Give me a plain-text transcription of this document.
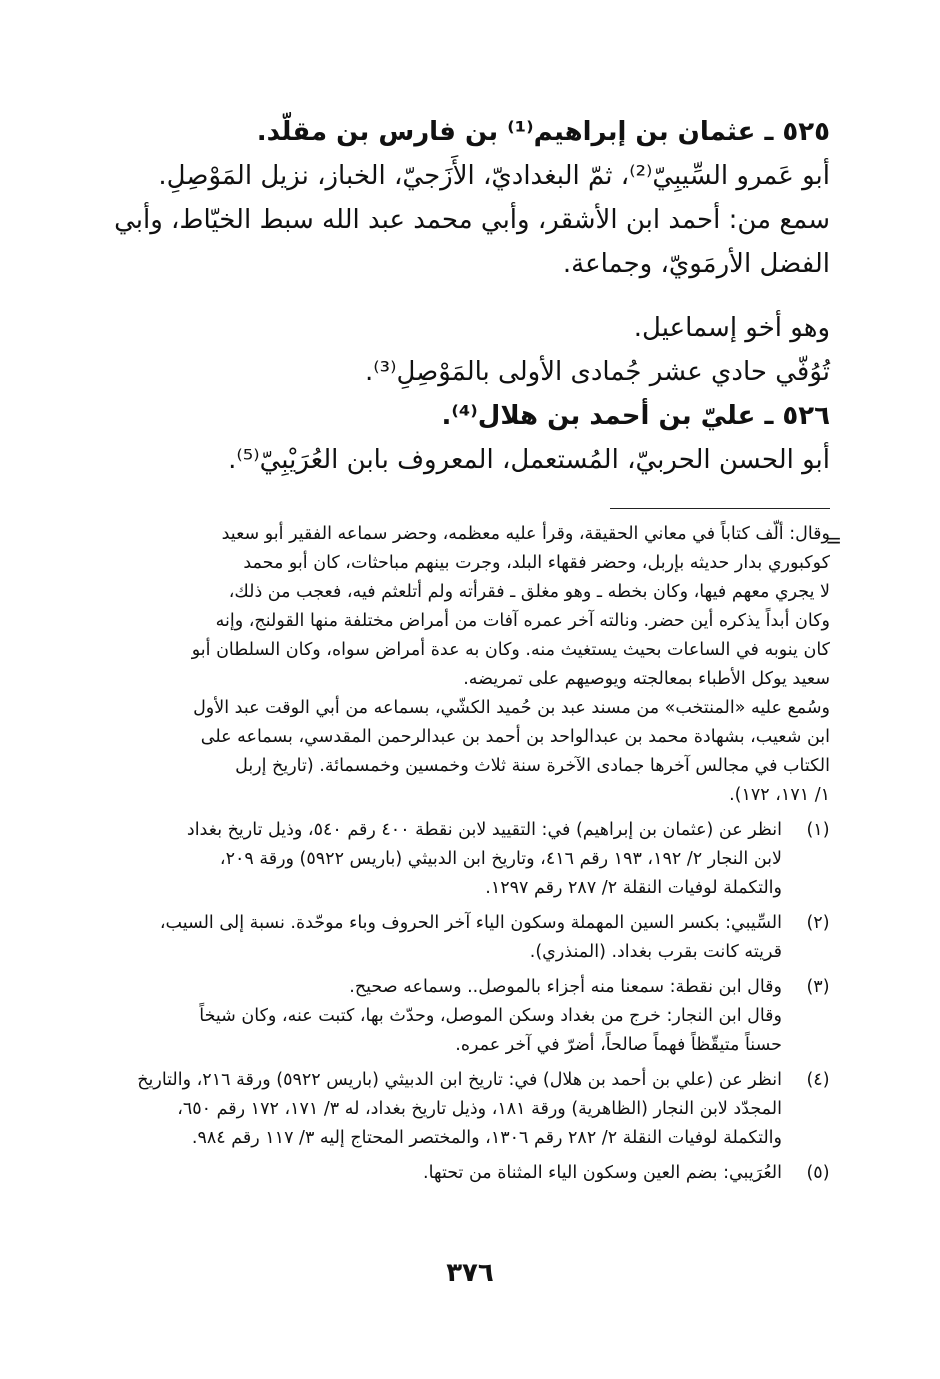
٥٢٥ ـ عثمان بن إبراهيم⁽¹⁾ بن فارس بن مقلّد.

أبو عَمرو السِّيبِيّ⁽²⁾، ثمّ البغداديّ، الأَزَجيّ، الخباز، نزيل المَوْصِلِ.

سمع من: أحمد ابن الأشقر، وأبي محمد عبد الله سبط الخيّاط، وأبي

الفضل الأرمَويّ، وجماعة.

وهو أخو إسماعيل.

تُوُفّي حادي عشر جُمادى الأولى بالمَوْصِلِ⁽³⁾.

٥٢٦ ـ عليّ بن أحمد بن هلال⁽⁴⁾.

أبو الحسن الحربيّ، المُستعمل، المعروف بابن العُرَيْبِيّ⁽⁵⁾.

=

وقال: ألّف كتاباً في معاني الحقيقة، وقرأ عليه معظمه، وحضر سماعه الفقير أبو سعيد

كوكبوري بدار حديثه بإربل، وحضر فقهاء البلد، وجرت بينهم مباحثات، كان أبو محمد

لا يجري معهم فيها، وكان بخطه ـ وهو مغلق ـ فقرأته ولم أتلعثم فيه، فعجب من ذلك،

وكان أبداً يذكره أين حضر. ونالته آخر عمره آفات من أمراض مختلفة منها القولنج، وإنه

كان ينوبه في الساعات بحيث يستغيث منه. وكان به عدة أمراض سواه، وكان السلطان أبو

سعيد يوكل الأطباء بمعالجته ويوصيهم على تمريضه.

وسُمع عليه «المنتخب» من مسند عبد بن حُميد الكشّي، بسماعه من أبي الوقت عبد الأول

ابن شعيب، بشهادة محمد بن عبدالواحد بن أحمد بن عبدالرحمن المقدسي، بسماعه على

الكتاب في مجالس آخرها جمادى الآخرة سنة ثلاث وخمسين وخمسمائة. (تاريخ إربل

١/ ١٧١، ١٧٢).

(١)

انظر عن (عثمان بن إبراهيم) في: التقييد لابن نقطة ٤٠٠ رقم ٥٤٠، وذيل تاريخ بغداد

لابن النجار ٢/ ١٩٢، ١٩٣ رقم ٤١٦، وتاريخ ابن الدبيثي (باريس ٥٩٢٢) ورقة ٢٠٩،

والتكملة لوفيات النقلة ٢/ ٢٨٧ رقم ١٢٩٧.

(٢)

السِّيبي: بكسر السين المهملة وسكون الياء آخر الحروف وباء موحّدة. نسبة إلى السيب،

قريته كانت بقرب بغداد. (المنذري).

(٣)

وقال ابن نقطة: سمعنا منه أجزاء بالموصل.. وسماعه صحيح.

وقال ابن النجار: خرج من بغداد وسكن الموصل، وحدّث بها، كتبت عنه، وكان شيخاً

حسناً متيقّظاً فهماً صالحاً، أضرّ في آخر عمره.

(٤)

انظر عن (علي بن أحمد بن هلال) في: تاريخ ابن الدبيثي (باريس ٥٩٢٢) ورقة ٢١٦، والتاريخ

المجدّد لابن النجار (الظاهرية) ورقة ١٨١، وذيل تاريخ بغداد، له ٣/ ١٧١، ١٧٢ رقم ٦٥٠،

والتكملة لوفيات النقلة ٢/ ٢٨٢ رقم ١٣٠٦، والمختصر المحتاج إليه ٣/ ١١٧ رقم ٩٨٤.

(٥)

العُرَيبي: بضم العين وسكون الياء المثناة من تحتها.

٣٧٦
